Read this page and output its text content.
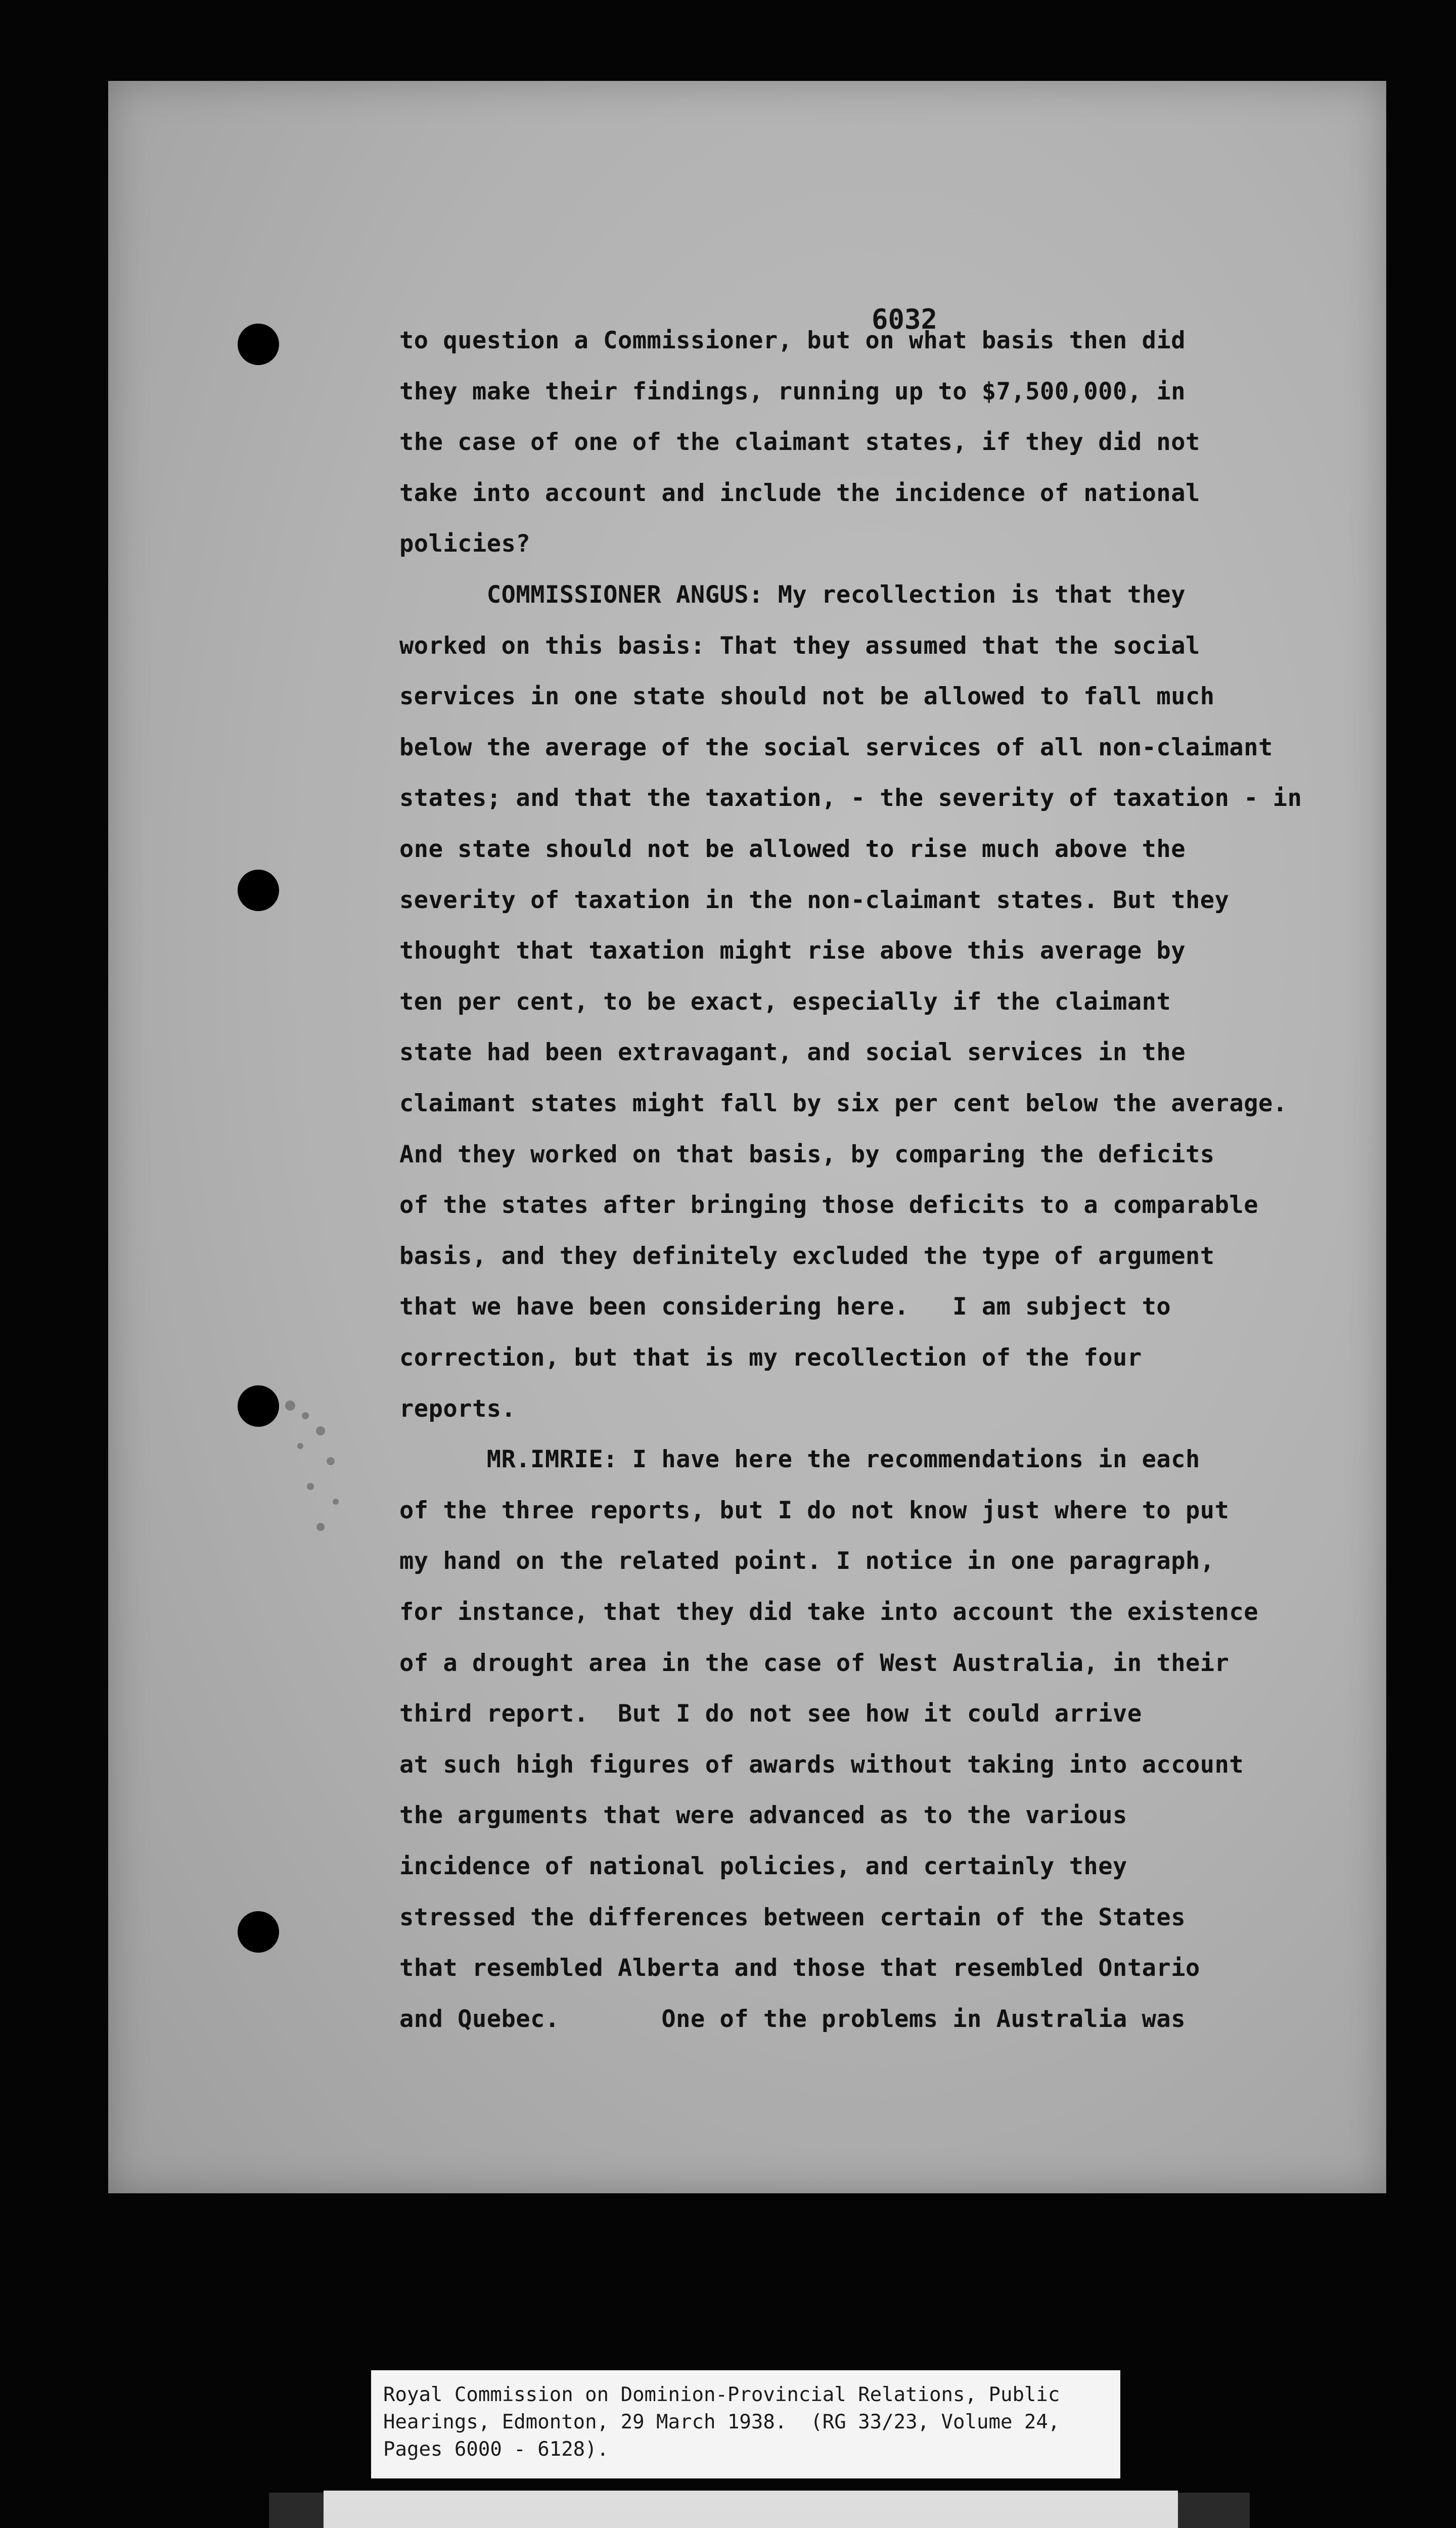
6032
to question a Commissioner, but on what basis then did
they make their findings, running up to $7,500,000, in
the case of one of the claimant states, if they did not
take into account and include the incidence of national
policies?
COMMISSIONER ANGUS: My recollection is that they
worked on this basis: That they assumed that the social
services in one state should not be allowed to fall much
below the average of the social services of all non-claimant
states; and that the taxation, - the severity of taxation - in
one state should not be allowed to rise much above the
severity of taxation in the non-claimant states. But they
thought that taxation might rise above this average by
ten per cent, to be exact, especially if the claimant
state had been extravagant, and social services in the
claimant states might fall by six per cent below the average.
And they worked on that basis, by comparing the deficits
of the states after bringing those deficits to a comparable
basis, and they definitely excluded the type of argument
that we have been considering here.   I am subject to
correction, but that is my recollection of the four
reports.
MR.IMRIE: I have here the recommendations in each
of the three reports, but I do not know just where to put
my hand on the related point. I notice in one paragraph,
for instance, that they did take into account the existence
of a drought area in the case of West Australia, in their
third report.  But I do not see how it could arrive
at such high figures of awards without taking into account
the arguments that were advanced as to the various
incidence of national policies, and certainly they
stressed the differences between certain of the States
that resembled Alberta and those that resembled Ontario
and Quebec.       One of the problems in Australia was
Royal Commission on Dominion-Provincial Relations, Public
Hearings, Edmonton, 29 March 1938.  (RG 33/23, Volume 24,
Pages 6000 - 6128).
